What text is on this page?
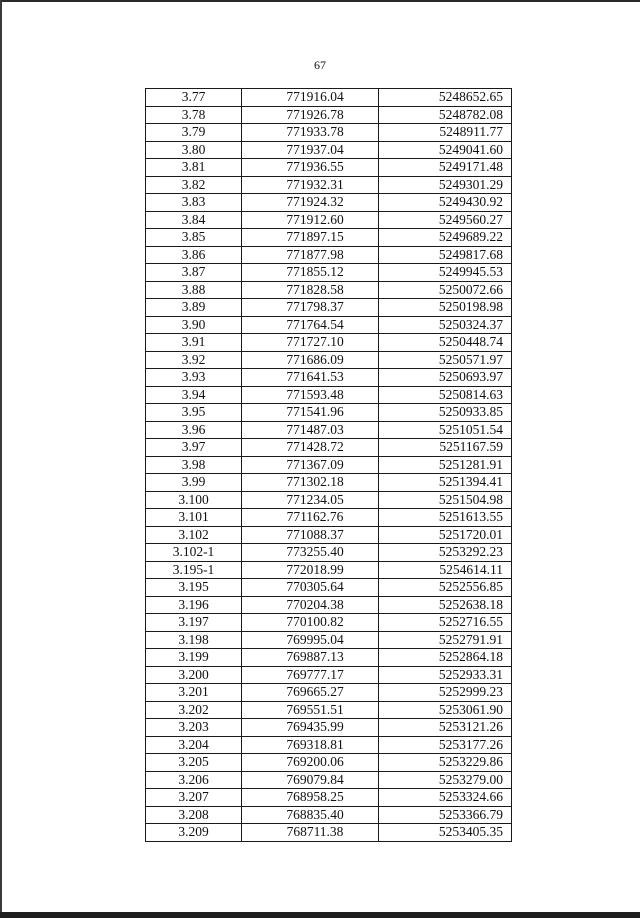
67
3.77	771916.04	5248652.65
3.78	771926.78	5248782.08
3.79	771933.78	5248911.77
3.80	771937.04	5249041.60
3.81	771936.55	5249171.48
3.82	771932.31	5249301.29
3.83	771924.32	5249430.92
3.84	771912.60	5249560.27
3.85	771897.15	5249689.22
3.86	771877.98	5249817.68
3.87	771855.12	5249945.53
3.88	771828.58	5250072.66
3.89	771798.37	5250198.98
3.90	771764.54	5250324.37
3.91	771727.10	5250448.74
3.92	771686.09	5250571.97
3.93	771641.53	5250693.97
3.94	771593.48	5250814.63
3.95	771541.96	5250933.85
3.96	771487.03	5251051.54
3.97	771428.72	5251167.59
3.98	771367.09	5251281.91
3.99	771302.18	5251394.41
3.100	771234.05	5251504.98
3.101	771162.76	5251613.55
3.102	771088.37	5251720.01
3.102-1	773255.40	5253292.23
3.195-1	772018.99	5254614.11
3.195	770305.64	5252556.85
3.196	770204.38	5252638.18
3.197	770100.82	5252716.55
3.198	769995.04	5252791.91
3.199	769887.13	5252864.18
3.200	769777.17	5252933.31
3.201	769665.27	5252999.23
3.202	769551.51	5253061.90
3.203	769435.99	5253121.26
3.204	769318.81	5253177.26
3.205	769200.06	5253229.86
3.206	769079.84	5253279.00
3.207	768958.25	5253324.66
3.208	768835.40	5253366.79
3.209	768711.38	5253405.35
